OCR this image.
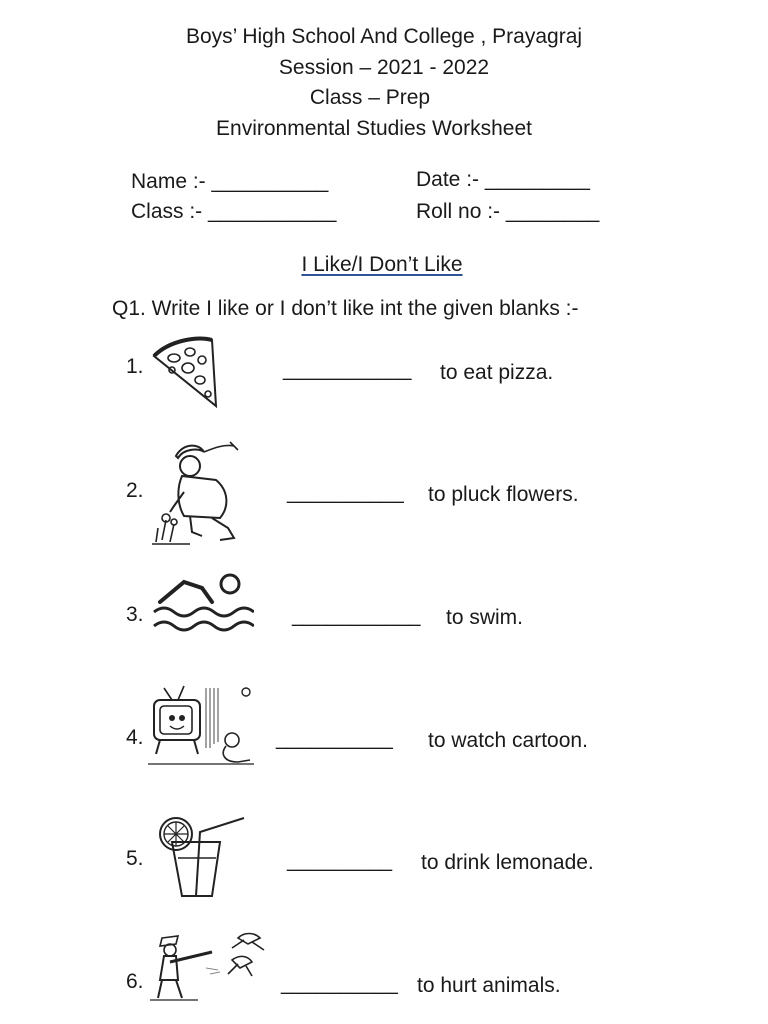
Boys’ High School And College , Prayagraj
Session – 2021 - 2022
Class – Prep
Environmental Studies Worksheet
Name :- __________
Class :- ___________
Date :- _________
Roll no :- ________
I Like/I Don’t Like
Q1. Write I like or I don’t like int the given blanks :-
1.	___________ to eat pizza.
2.	__________ to pluck flowers.
3.	___________ to swim.
4.	__________ to watch cartoon.
5.	_________ to drink lemonade.
6.	__________ to hurt animals.
